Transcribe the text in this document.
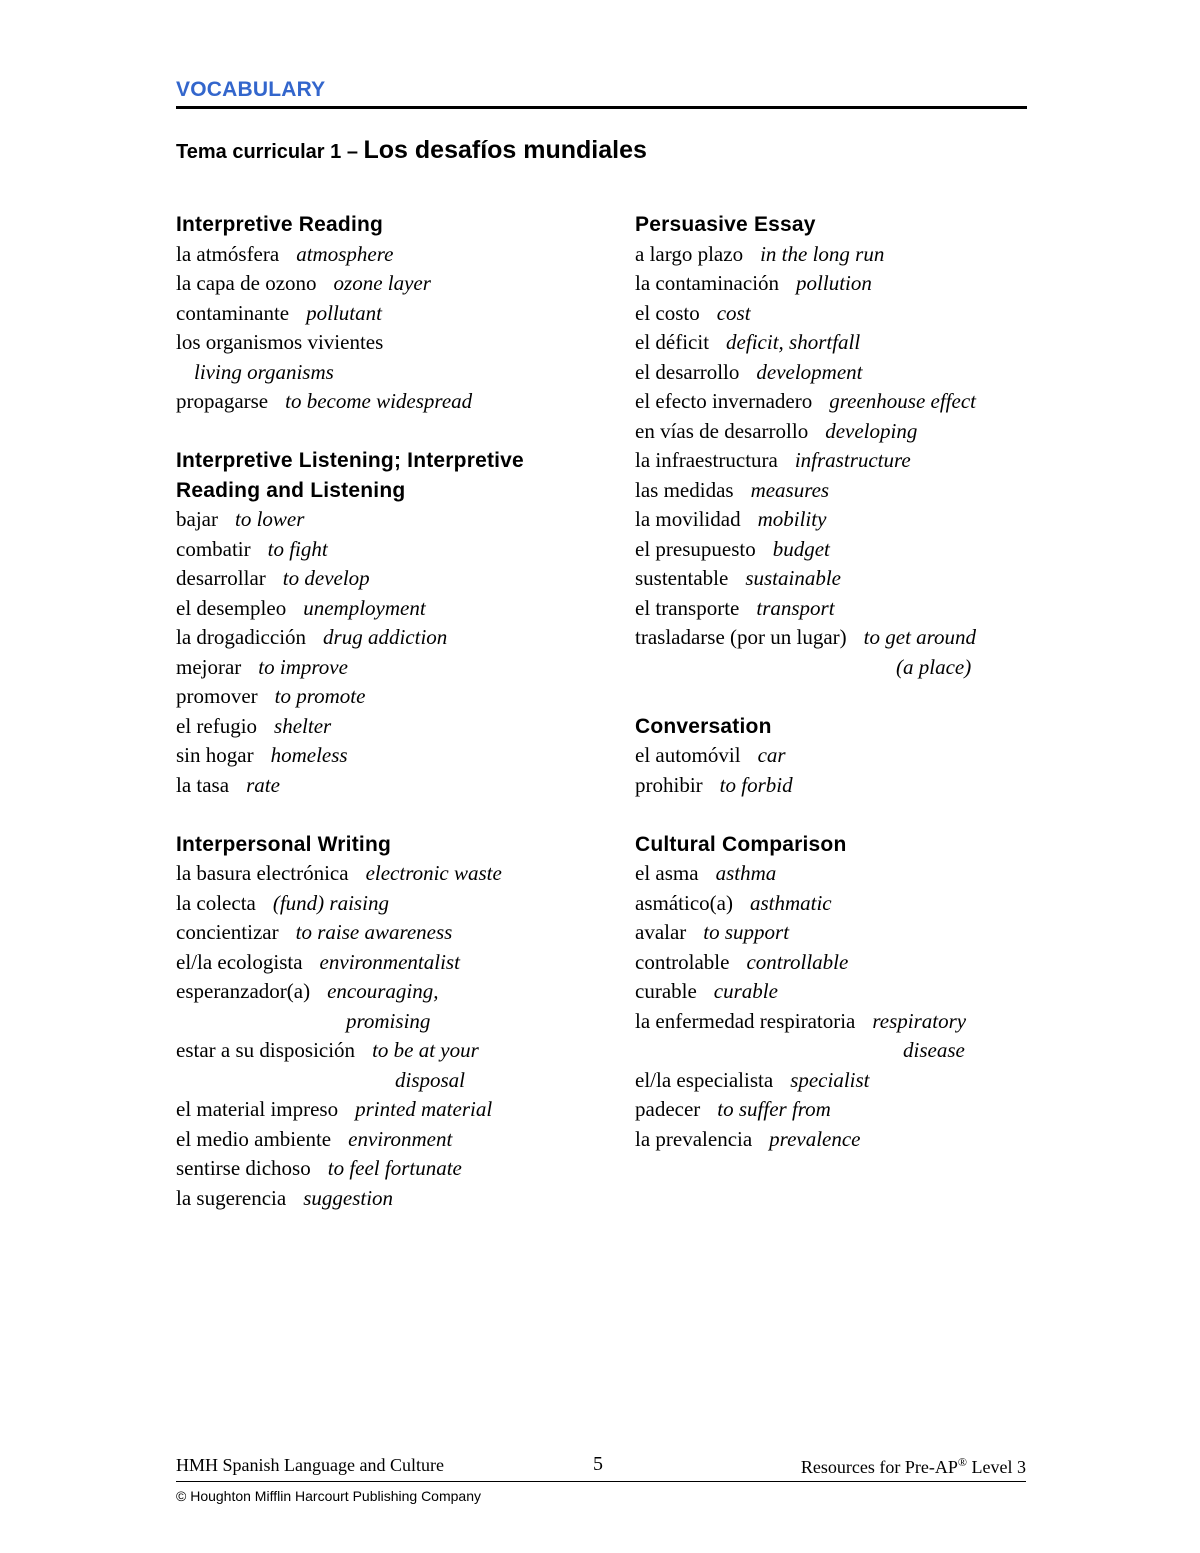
VOCABULARY
Tema curricular 1 – Los desafíos mundiales
Interpretive Reading
la atmósfera atmosphere
la capa de ozono ozone layer
contaminante pollutant
los organismos vivientes
living organisms
propagarse to become widespread
Interpretive Listening; Interpretive
Reading and Listening
bajar to lower
combatir to fight
desarrollar to develop
el desempleo unemployment
la drogadicción drug addiction
mejorar to improve
promover to promote
el refugio shelter
sin hogar homeless
la tasa rate
Interpersonal Writing
la basura electrónica electronic waste
la colecta (fund) raising
concientizar to raise awareness
el/la ecologista environmentalist
esperanzador(a) encouraging,
promising
estar a su disposición to be at your
disposal
el material impreso printed material
el medio ambiente environment
sentirse dichoso to feel fortunate
la sugerencia suggestion
Persuasive Essay
a largo plazo in the long run
la contaminación pollution
el costo cost
el déficit deficit, shortfall
el desarrollo development
el efecto invernadero greenhouse effect
en vías de desarrollo developing
la infraestructura infrastructure
las medidas measures
la movilidad mobility
el presupuesto budget
sustentable sustainable
el transporte transport
trasladarse (por un lugar) to get around
(a place)
Conversation
el automóvil car
prohibir to forbid
Cultural Comparison
el asma asthma
asmático(a) asthmatic
avalar to support
controlable controllable
curable curable
la enfermedad respiratoria respiratory
disease
el/la especialista specialist
padecer to suffer from
la prevalencia prevalence
HMH Spanish Language and Culture	5	Resources for Pre-AP® Level 3
© Houghton Mifflin Harcourt Publishing Company
